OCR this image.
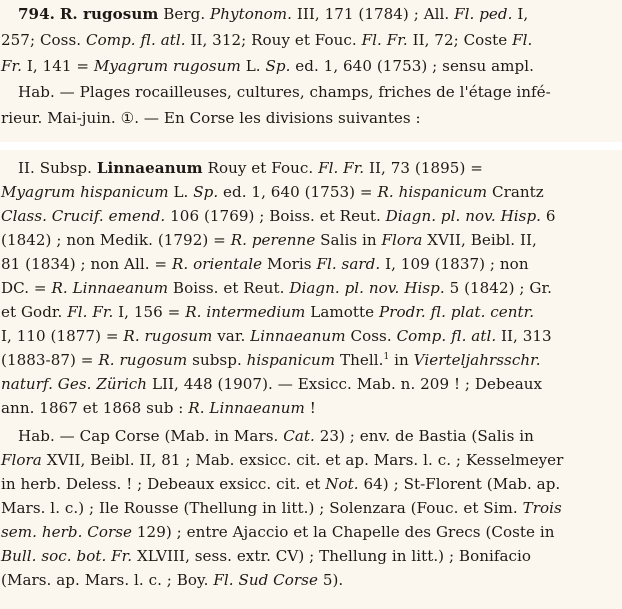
794. R. rugosum Berg. Phytonom. III, 171 (1784) ; All. Fl. ped. I,
257; Coss. Comp. fl. atl. II, 312; Rouy et Fouc. Fl. Fr. II, 72; Coste Fl.
Fr. I, 141 = Myagrum rugosum L. Sp. ed. 1, 640 (1753) ; sensu ampl.
Hab. — Plages rocailleuses, cultures, champs, friches de l'étage infé-
rieur. Mai-juin. ①. — En Corse les divisions suivantes :
II. Subsp. Linnaeanum Rouy et Fouc. Fl. Fr. II, 73 (1895) =
Myagrum hispanicum L. Sp. ed. 1, 640 (1753) = R. hispanicum Crantz
Class. Crucif. emend. 106 (1769) ; Boiss. et Reut. Diagn. pl. nov. Hisp. 6
(1842) ; non Medik. (1792) = R. perenne Salis in Flora XVII, Beibl. II,
81 (1834) ; non All. = R. orientale Moris Fl. sard. I, 109 (1837) ; non
DC. = R. Linnaeanum Boiss. et Reut. Diagn. pl. nov. Hisp. 5 (1842) ; Gr.
et Godr. Fl. Fr. I, 156 = R. intermedium Lamotte Prodr. fl. plat. centr.
I, 110 (1877) = R. rugosum var. Linnaeanum Coss. Comp. fl. atl. II, 313
(1883-87) = R. rugosum subsp. hispanicum Thell.$^1$ in Vierteljahrsschr.
naturf. Ges. Zürich LII, 448 (1907). — Exsicc. Mab. n. 209 ! ; Debeaux
ann. 1867 et 1868 sub : R. Linnaeanum !
Hab. — Cap Corse (Mab. in Mars. Cat. 23) ; env. de Bastia (Salis in
Flora XVII, Beibl. II, 81 ; Mab. exsicc. cit. et ap. Mars. l. c. ; Kesselmeyer
in herb. Deless. ! ; Debeaux exsicc. cit. et Not. 64) ; St-Florent (Mab. ap.
Mars. l. c.) ; Ile Rousse (Thellung in litt.) ; Solenzara (Fouc. et Sim. Trois
sem. herb. Corse 129) ; entre Ajaccio et la Chapelle des Grecs (Coste in
Bull. soc. bot. Fr. XLVIII, sess. extr. CV) ; Thellung in litt.) ; Bonifacio
(Mars. ap. Mars. l. c. ; Boy. Fl. Sud Corse 5).
